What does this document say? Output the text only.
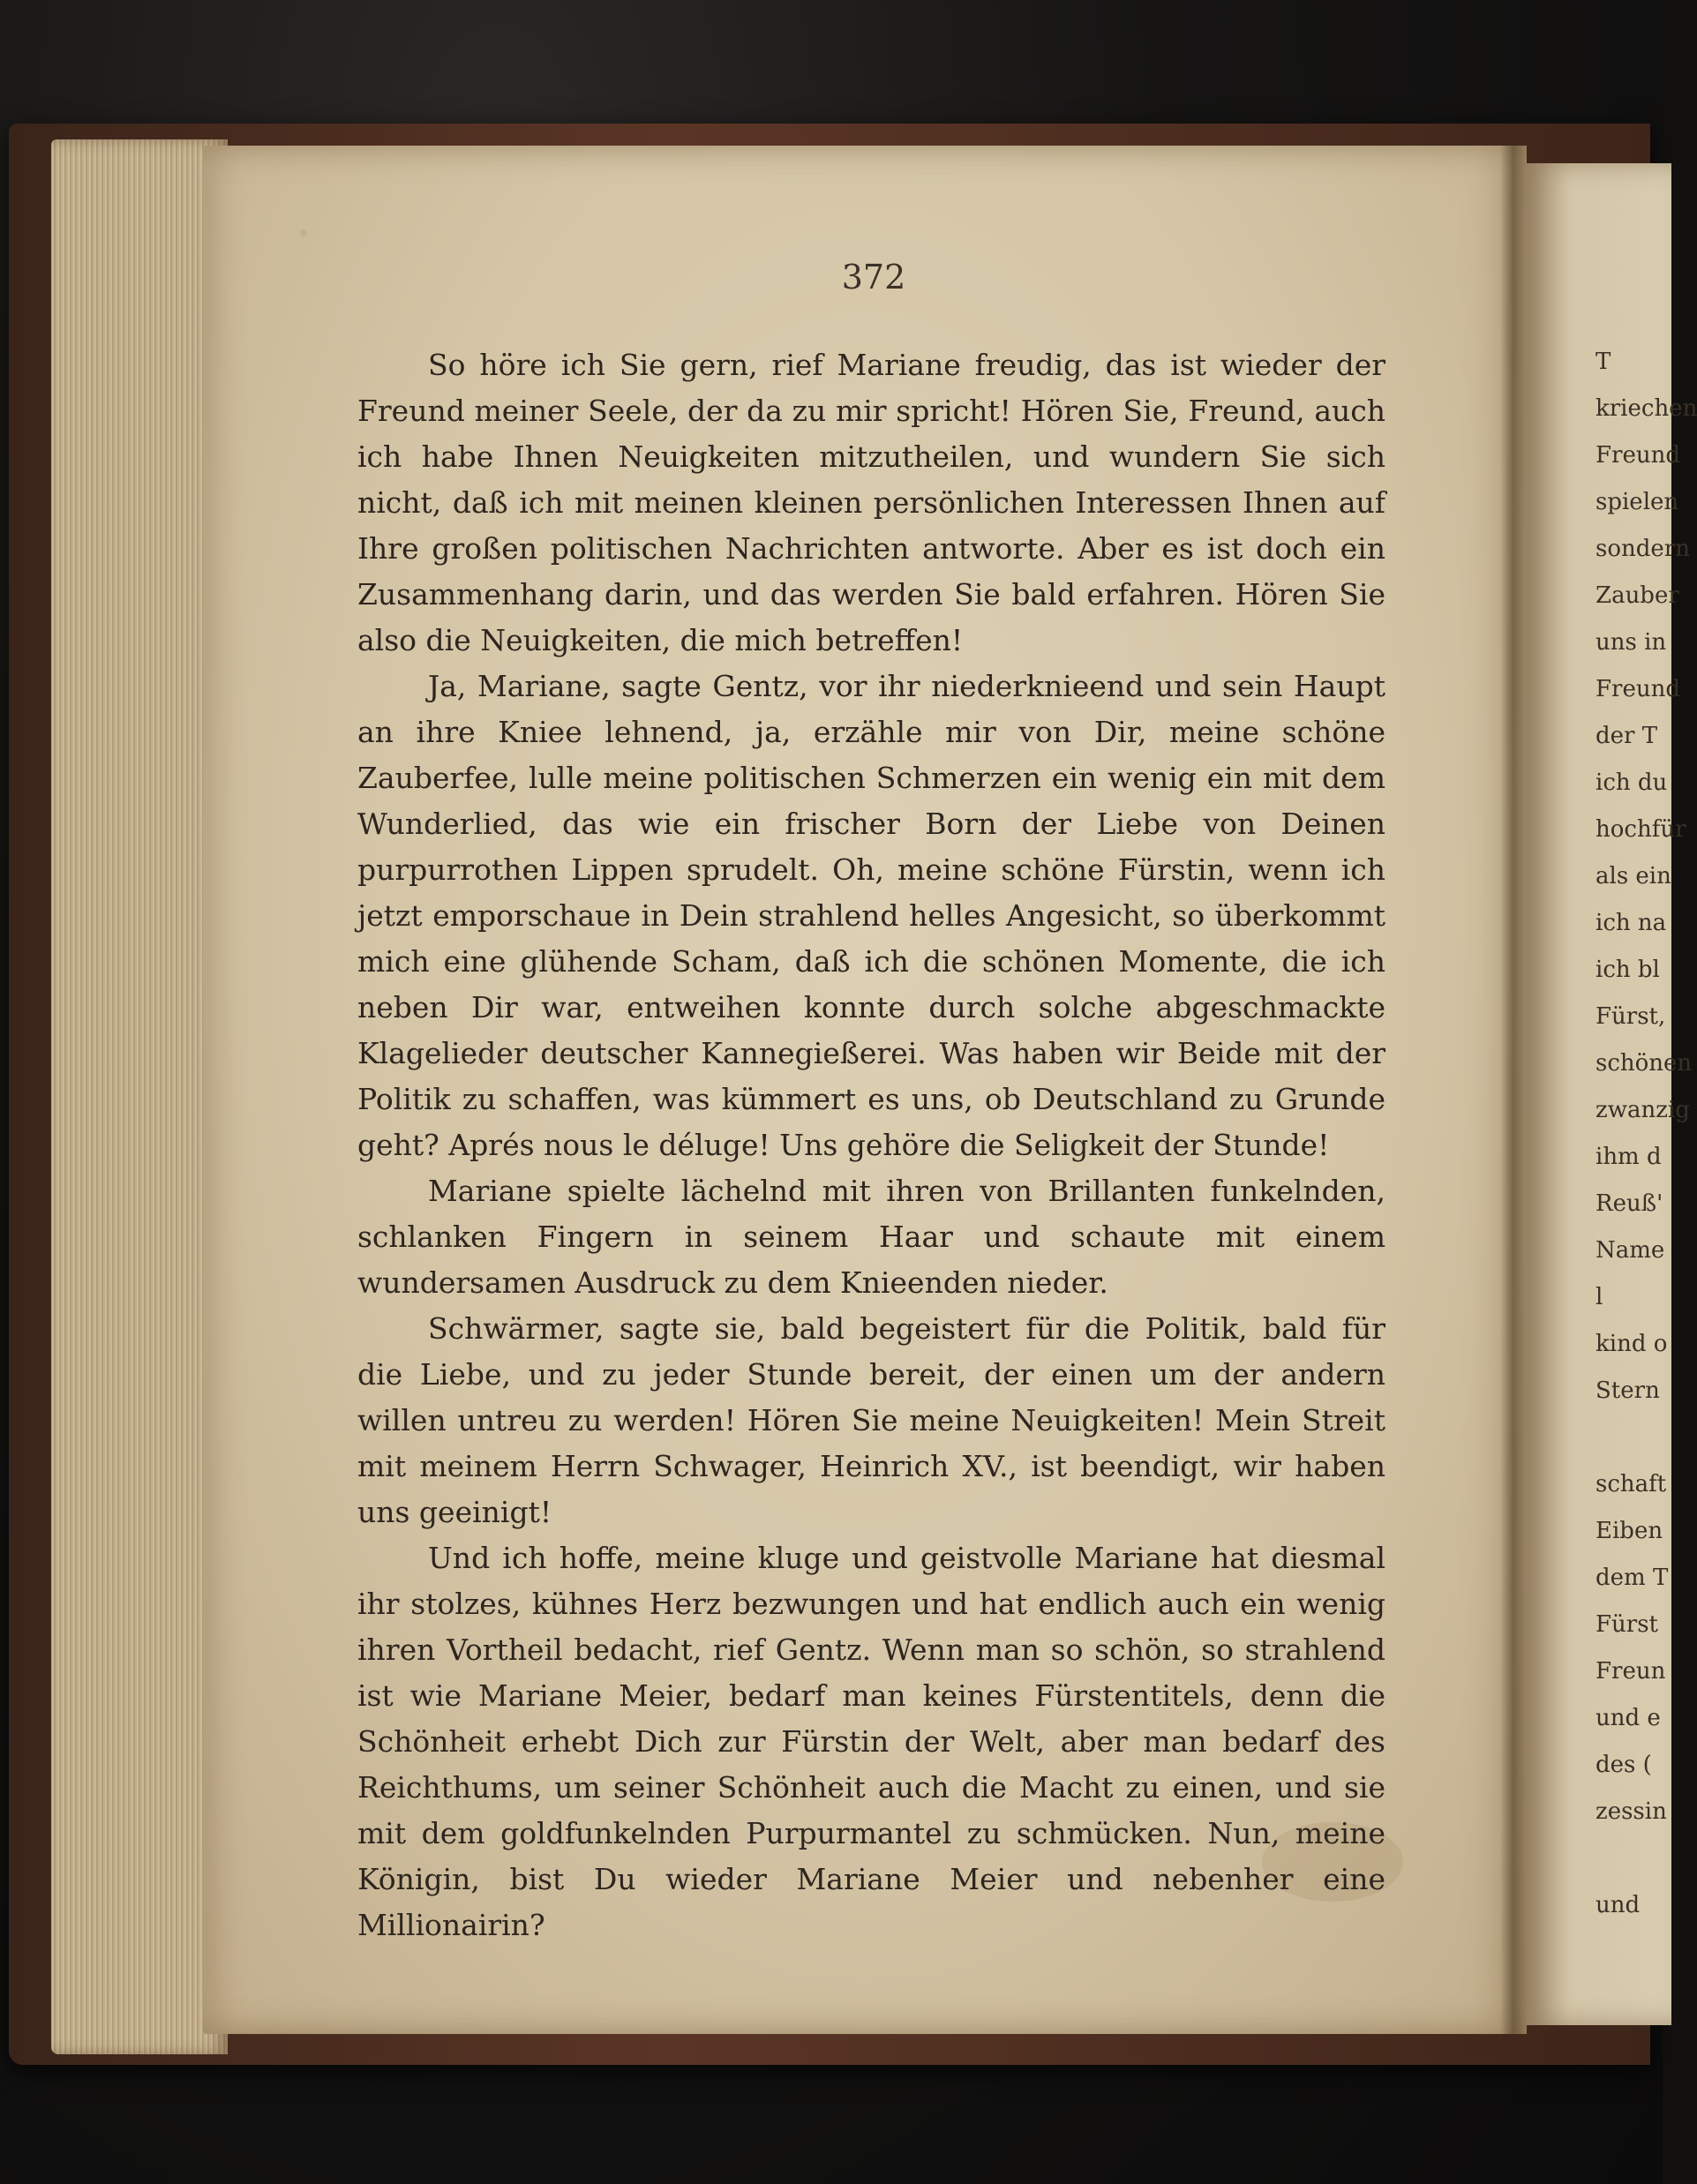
372

So höre ich Sie gern, rief Mariane freudig, das ist wieder der Freund meiner Seele, der da zu mir spricht! Hören Sie, Freund, auch ich habe Ihnen Neuigkeiten mitzutheilen, und wundern Sie sich nicht, daß ich mit meinen kleinen persönlichen Interessen Ihnen auf Ihre großen politischen Nachrichten antworte. Aber es ist doch ein Zusammenhang darin, und das werden Sie bald erfahren. Hören Sie also die Neuigkeiten, die mich betreffen!

Ja, Mariane, sagte Gentz, vor ihr niederknieend und sein Haupt an ihre Kniee lehnend, ja, erzähle mir von Dir, meine schöne Zauberfee, lulle meine politischen Schmerzen ein wenig ein mit dem Wunderlied, das wie ein frischer Born der Liebe von Deinen purpurrothen Lippen sprudelt. Oh, meine schöne Fürstin, wenn ich jetzt emporschaue in Dein strahlend helles Angesicht, so überkommt mich eine glühende Scham, daß ich die schönen Momente, die ich neben Dir war, entweihen konnte durch solche abgeschmackte Klagelieder deutscher Kannegießerei. Was haben wir Beide mit der Politik zu schaffen, was kümmert es uns, ob Deutschland zu Grunde geht? Aprés nous le déluge! Uns gehöre die Seligkeit der Stunde!

Mariane spielte lächelnd mit ihren von Brillanten funkelnden, schlanken Fingern in seinem Haar und schaute mit einem wundersamen Ausdruck zu dem Knieenden nieder.

Schwärmer, sagte sie, bald begeistert für die Politik, bald für die Liebe, und zu jeder Stunde bereit, der einen um der andern willen untreu zu werden! Hören Sie meine Neuigkeiten! Mein Streit mit meinem Herrn Schwager, Heinrich XV., ist beendigt, wir haben uns geeinigt!

Und ich hoffe, meine kluge und geistvolle Mariane hat diesmal ihr stolzes, kühnes Herz bezwungen und hat endlich auch ein wenig ihren Vortheil bedacht, rief Gentz. Wenn man so schön, so strahlend ist wie Mariane Meier, bedarf man keines Fürstentitels, denn die Schönheit erhebt Dich zur Fürstin der Welt, aber man bedarf des Reichthums, um seiner Schönheit auch die Macht zu einen, und sie mit dem goldfunkelnden Purpurmantel zu schmücken. Nun, meine Königin, bist Du wieder Mariane Meier und nebenher eine Millionairin?

T
kriechen
Freund
spielen
sondern
Zauber
uns in
Freund
der T
ich du
hochfür
als ein
ich na
ich bl
Fürst,
schönen
zwanzig
ihm d
Reuß'
Name
l
kind o
Stern
schaft
Eiben
dem T
Fürst
Freun
und e
des (
zessin
und
